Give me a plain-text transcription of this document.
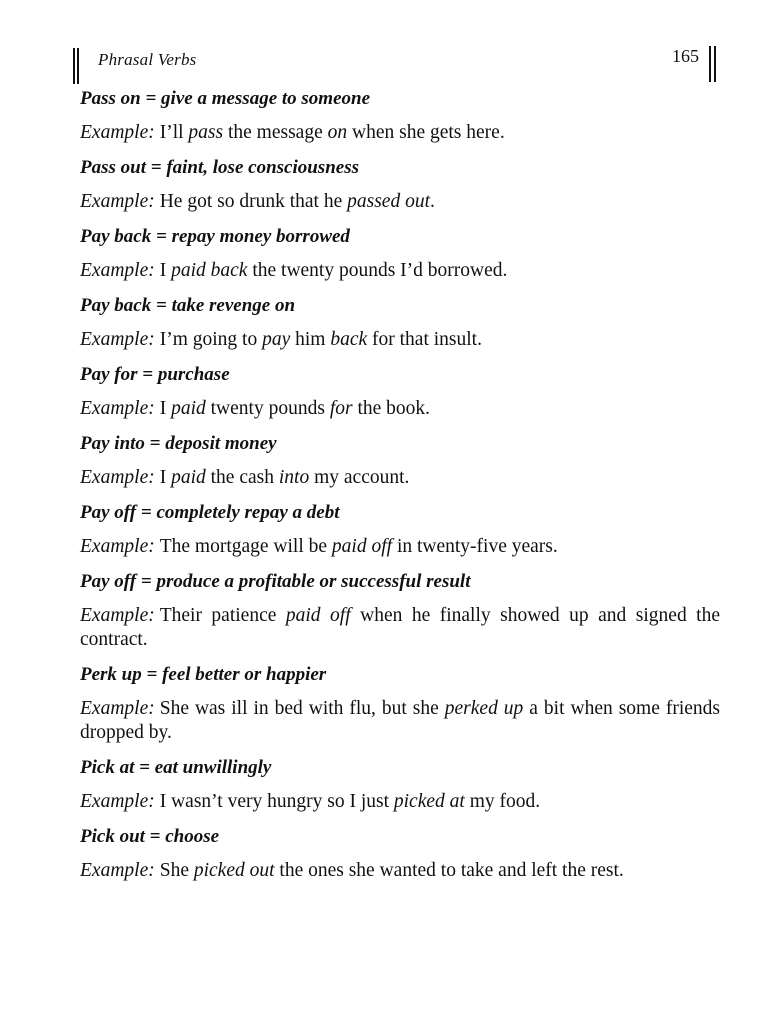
Phrasal Verbs	165

Pass on = give a message to someone

Example: I’ll pass the message on when she gets here.

Pass out = faint, lose consciousness

Example: He got so drunk that he passed out.

Pay back = repay money borrowed

Example: I paid back the twenty pounds I’d borrowed.

Pay back = take revenge on

Example: I’m going to pay him back for that insult.

Pay for = purchase

Example: I paid twenty pounds for the book.

Pay into = deposit money

Example: I paid the cash into my account.

Pay off = completely repay a debt

Example: The mortgage will be paid off in twenty-five years.

Pay off = produce a profitable or successful result

Example: Their patience paid off when he finally showed up and signed the contract.

Perk up = feel better or happier

Example: She was ill in bed with flu, but she perked up a bit when some friends dropped by.

Pick at = eat unwillingly

Example: I wasn’t very hungry so I just picked at my food.

Pick out = choose

Example: She picked out the ones she wanted to take and left the rest.
